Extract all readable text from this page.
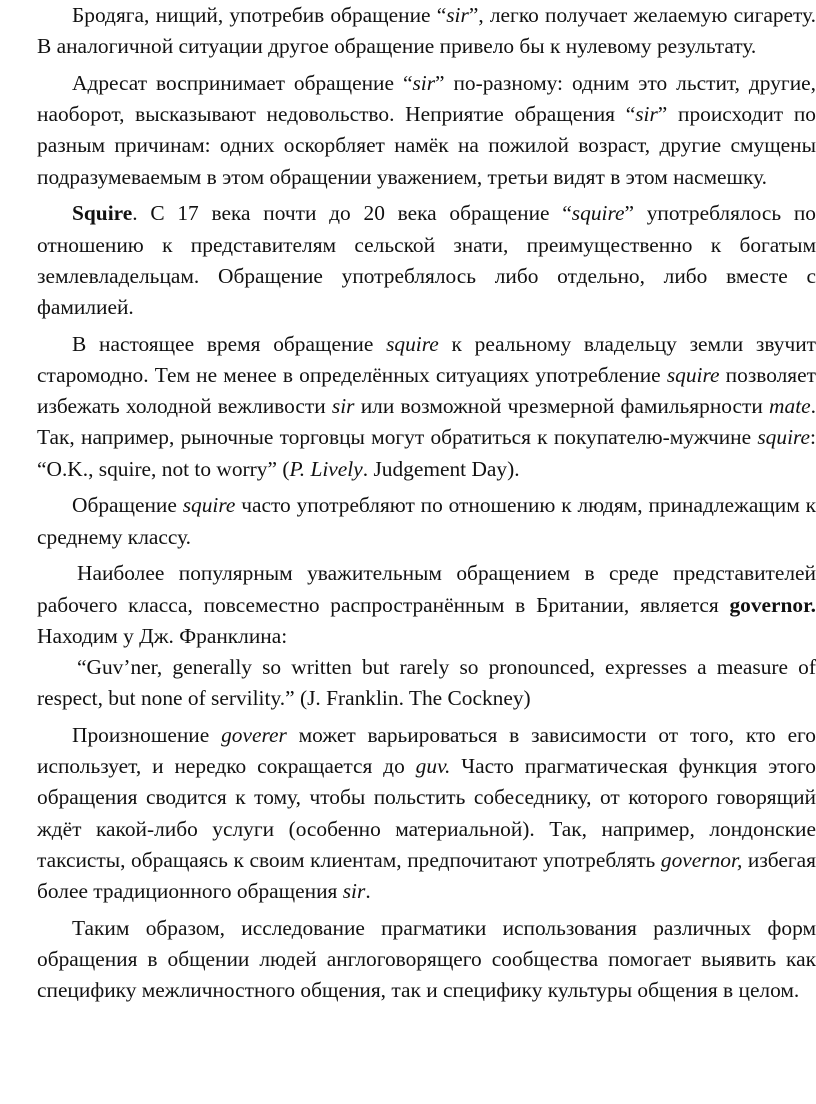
Бродяга, нищий, употребив обращение “sir”, легко получает желаемую сигарету. В аналогичной ситуации другое обращение привело бы к нулевому результату.

Адресат воспринимает обращение “sir” по-разному: одним это льстит, другие, наоборот, высказывают недовольство. Неприятие обращения “sir” происходит по разным причинам: одних оскорбляет намёк на пожилой возраст, другие смущены подразумеваемым в этом обращении уважением, третьи видят в этом насмешку.

Squire. С 17 века почти до 20 века обращение “squire” употреблялось по отношению к представителям сельской знати, преимущественно к богатым землевладельцам. Обращение употреблялось либо отдельно, либо вместе с фамилией.

В настоящее время обращение squire к реальному владельцу земли звучит старомодно. Тем не менее в определённых ситуациях употребление squire позволяет избежать холодной вежливости sir или возможной чрезмерной фамильярности mate. Так, например, рыночные торговцы могут обратиться к покупателю-мужчине squire: “O.K., squire, not to worry” (P. Lively. Judgement Day).

Обращение squire часто употребляют по отношению к людям, принадлежащим к среднему классу.

Наиболее популярным уважительным обращением в среде представителей рабочего класса, повсеместно распространённым в Британии, является governor. Находим у Дж. Франклина:

“Guv’ner, generally so written but rarely so pronounced, expresses a measure of respect, but none of servility.” (J. Franklin. The Cockney)

Произношение goverer может варьироваться в зависимости от того, кто его использует, и нередко сокращается до guv. Часто прагматическая функция этого обращения сводится к тому, чтобы польстить собеседнику, от которого говорящий ждёт какой-либо услуги (особенно материальной). Так, например, лондонские таксисты, обращаясь к своим клиентам, предпочитают употреблять governor, избегая более традиционного обращения sir.

Таким образом, исследование прагматики использования различных форм обращения в общении людей англоговорящего сообщества помогает выявить как специфику межличностного общения, так и специфику культуры общения в целом.
